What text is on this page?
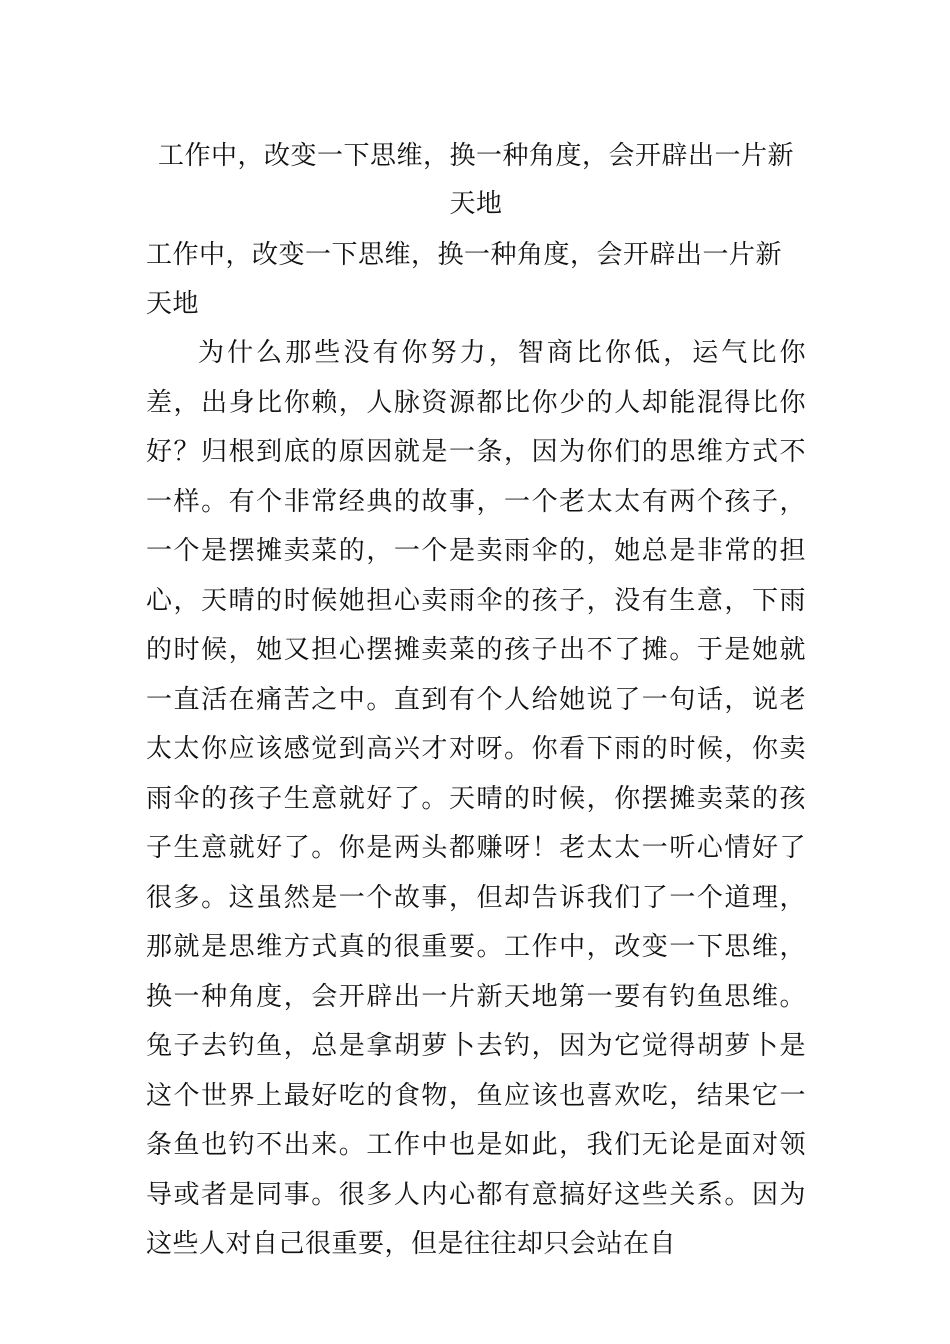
工作中，改变一下思维，换一种角度，会开辟出一片新天地
工作中，改变一下思维，换一种角度，会开辟出一片新天地

为什么那些没有你努力，智商比你低，运气比你差，出身比你赖，人脉资源都比你少的人却能混得比你好？归根到底的原因就是一条，因为你们的思维方式不一样。有个非常经典的故事，一个老太太有两个孩子，一个是摆摊卖菜的，一个是卖雨伞的，她总是非常的担心，天晴的时候她担心卖雨伞的孩子，没有生意，下雨的时候，她又担心摆摊卖菜的孩子出不了摊。于是她就一直活在痛苦之中。直到有个人给她说了一句话，说老太太你应该感觉到高兴才对呀。你看下雨的时候，你卖雨伞的孩子生意就好了。天晴的时候，你摆摊卖菜的孩子生意就好了。你是两头都赚呀！老太太一听心情好了很多。这虽然是一个故事，但却告诉我们了一个道理，那就是思维方式真的很重要。工作中，改变一下思维，换一种角度，会开辟出一片新天地第一要有钓鱼思维。兔子去钓鱼，总是拿胡萝卜去钓，因为它觉得胡萝卜是这个世界上最好吃的食物，鱼应该也喜欢吃，结果它一条鱼也钓不出来。工作中也是如此，我们无论是面对领导或者是同事。很多人内心都有意搞好这些关系。因为这些人对自己很重要，但是往往却只会站在自
